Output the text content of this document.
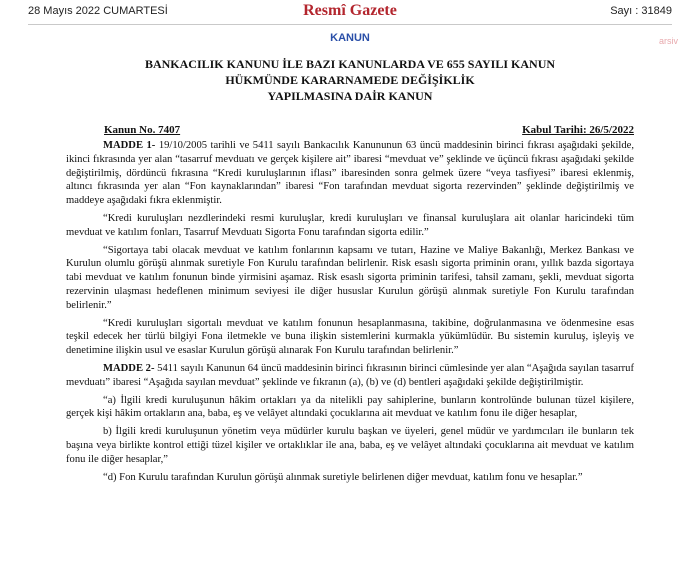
28 Mayıs 2022 CUMARTESİ	Resmî Gazete	Sayı : 31849
arsiv
KANUN
BANKACILIK KANUNU İLE BAZI KANUNLARDA VE 655 SAYILI KANUN
HÜKMÜNDE KARARNAMEDE DEĞİŞİKLİK
YAPILMASINA DAİR KANUN
Kanun No. 7407	Kabul Tarihi: 26/5/2022

MADDE 1- 19/10/2005 tarihli ve 5411 sayılı Bankacılık Kanununun 63 üncü maddesinin birinci fıkrası aşağıdaki şekilde, ikinci fıkrasında yer alan “tasarruf mevduatı ve gerçek kişilere ait” ibaresi “mevduat ve” şeklinde ve üçüncü fıkrası aşağıdaki şekilde değiştirilmiş, dördüncü fıkrasına “Kredi kuruluşlarının iflası” ibaresinden sonra gelmek üzere “veya tasfiyesi” ibaresi eklenmiş, altıncı fıkrasında yer alan “Fon kaynaklarından” ibaresi “Fon tarafından mevduat sigorta rezervinden” şeklinde değiştirilmiş ve maddeye aşağıdaki fıkra eklenmiştir.

“Kredi kuruluşları nezdlerindeki resmi kuruluşlar, kredi kuruluşları ve finansal kuruluşlara ait olanlar haricindeki tüm mevduat ve katılım fonları, Tasarruf Mevduatı Sigorta Fonu tarafından sigorta edilir.”

“Sigortaya tabi olacak mevduat ve katılım fonlarının kapsamı ve tutarı, Hazine ve Maliye Bakanlığı, Merkez Bankası ve Kurulun olumlu görüşü alınmak suretiyle Fon Kurulu tarafından belirlenir. Risk esaslı sigorta priminin oranı, yıllık bazda sigortaya tabi mevduat ve katılım fonunun binde yirmisini aşamaz. Risk esaslı sigorta priminin tarifesi, tahsil zamanı, şekli, mevduat sigorta rezervinin ulaşması hedeflenen minimum seviyesi ile diğer hususlar Kurulun görüşü alınmak suretiyle Fon Kurulu tarafından belirlenir.”

“Kredi kuruluşları sigortalı mevduat ve katılım fonunun hesaplanmasına, takibine, doğrulanmasına ve ödenmesine esas teşkil edecek her türlü bilgiyi Fona iletmekle ve buna ilişkin sistemlerini kurmakla yükümlüdür. Bu sistemin kuruluş, işleyiş ve denetimine ilişkin usul ve esaslar Kurulun görüşü alınarak Fon Kurulu tarafından belirlenir.”

MADDE 2- 5411 sayılı Kanunun 64 üncü maddesinin birinci fıkrasının birinci cümlesinde yer alan “Aşağıda sayılan tasarruf mevduatı” ibaresi “Aşağıda sayılan mevduat” şeklinde ve fıkranın (a), (b) ve (d) bentleri aşağıdaki şekilde değiştirilmiştir.

“a) İlgili kredi kuruluşunun hâkim ortakları ya da nitelikli pay sahiplerine, bunların kontrolünde bulunan tüzel kişilere, gerçek kişi hâkim ortakların ana, baba, eş ve velâyet altındaki çocuklarına ait mevduat ve katılım fonu ile diğer hesaplar,

b) İlgili kredi kuruluşunun yönetim veya müdürler kurulu başkan ve üyeleri, genel müdür ve yardımcıları ile bunların tek başına veya birlikte kontrol ettiği tüzel kişiler ve ortaklıklar ile ana, baba, eş ve velâyet altındaki çocuklarına ait mevduat ve katılım fonu ile diğer hesaplar,”

“d) Fon Kurulu tarafından Kurulun görüşü alınmak suretiyle belirlenen diğer mevduat, katılım fonu ve hesaplar.”
